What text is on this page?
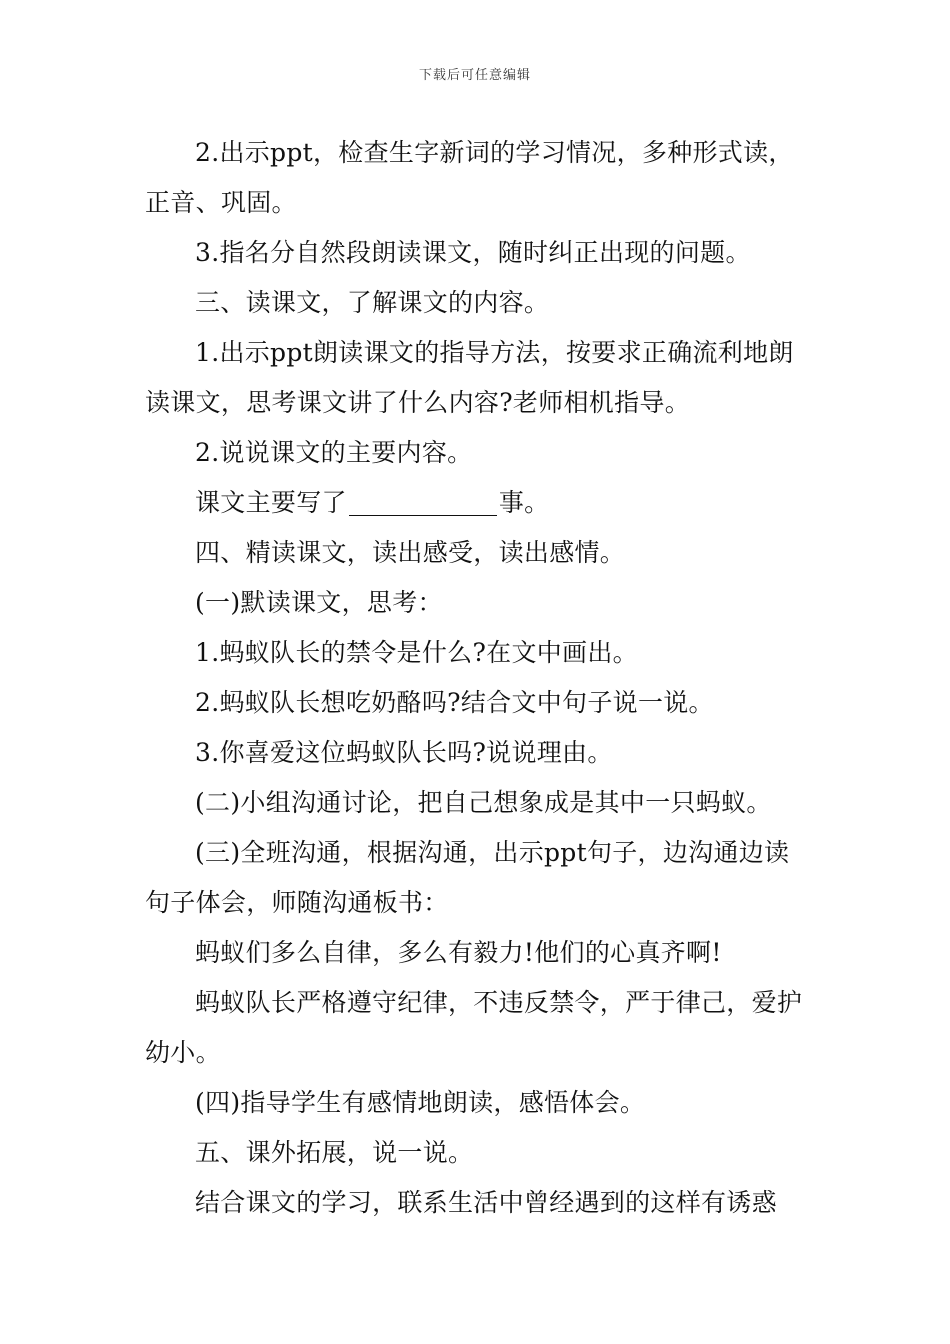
下载后可任意编辑

2.出示ppt，检查生字新词的学习情况，多种形式读，正音、巩固。

3.指名分自然段朗读课文，随时纠正出现的问题。

三、读课文，了解课文的内容。

1.出示ppt朗读课文的指导方法，按要求正确流利地朗读课文，思考课文讲了什么内容?老师相机指导。

2.说说课文的主要内容。

课文主要写了	事。

四、精读课文，读出感受，读出感情。

(一)默读课文，思考：

1.蚂蚁队长的禁令是什么?在文中画出。

2.蚂蚁队长想吃奶酪吗?结合文中句子说一说。

3.你喜爱这位蚂蚁队长吗?说说理由。

(二)小组沟通讨论，把自己想象成是其中一只蚂蚁。

(三)全班沟通，根据沟通，出示ppt句子，边沟通边读句子体会，师随沟通板书：

蚂蚁们多么自律，多么有毅力!他们的心真齐啊!

蚂蚁队长严格遵守纪律，不违反禁令，严于律己，爱护幼小。

(四)指导学生有感情地朗读，感悟体会。

五、课外拓展，说一说。

结合课文的学习，联系生活中曾经遇到的这样有诱惑
